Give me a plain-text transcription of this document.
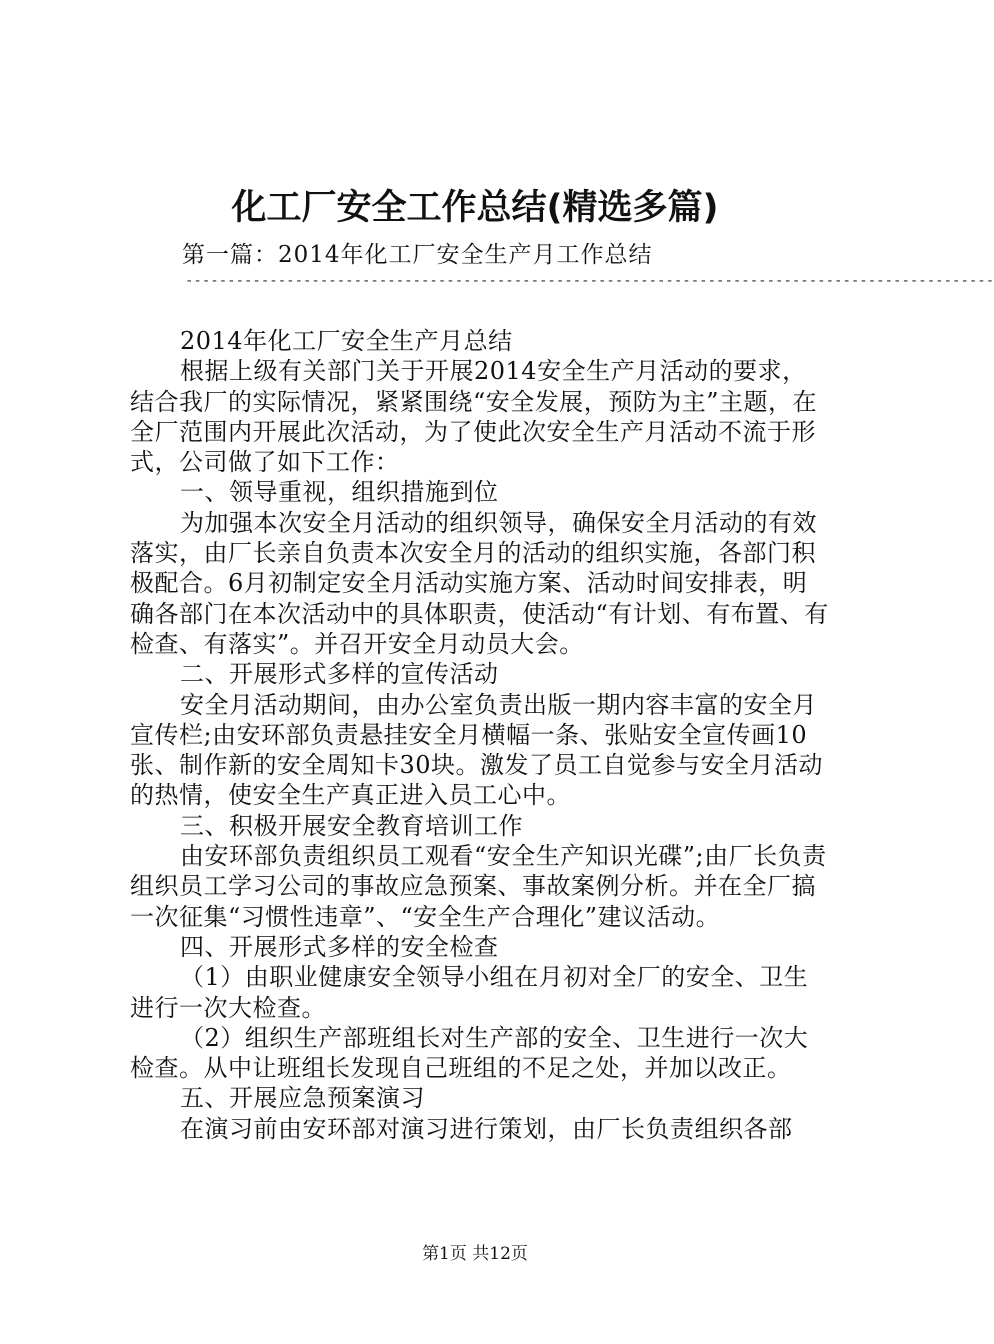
化工厂安全工作总结(精选多篇)
第一篇：2014年化工厂安全生产月工作总结
------------------------------------------------------------------------------------------------

2014年化工厂安全生产月总结

根据上级有关部门关于开展2014安全生产月活动的要求，结合我厂的实际情况，紧紧围绕“安全发展，预防为主”主题，在全厂范围内开展此次活动，为了使此次安全生产月活动不流于形式，公司做了如下工作：

一、领导重视，组织措施到位

为加强本次安全月活动的组织领导，确保安全月活动的有效落实，由厂长亲自负责本次安全月的活动的组织实施，各部门积极配合。6月初制定安全月活动实施方案、活动时间安排表，明确各部门在本次活动中的具体职责，使活动“有计划、有布置、有检查、有落实”。并召开安全月动员大会。

二、开展形式多样的宣传活动

安全月活动期间，由办公室负责出版一期内容丰富的安全月宣传栏;由安环部负责悬挂安全月横幅一条、张贴安全宣传画10张、制作新的安全周知卡30块。激发了员工自觉参与安全月活动的热情，使安全生产真正进入员工心中。

三、积极开展安全教育培训工作

由安环部负责组织员工观看“安全生产知识光碟”;由厂长负责组织员工学习公司的事故应急预案、事故案例分析。并在全厂搞一次征集“习惯性违章”、“安全生产合理化”建议活动。

四、开展形式多样的安全检查

（1）由职业健康安全领导小组在月初对全厂的安全、卫生进行一次大检查。

（2）组织生产部班组长对生产部的安全、卫生进行一次大检查。从中让班组长发现自己班组的不足之处，并加以改正。

五、开展应急预案演习

在演习前由安环部对演习进行策划，由厂长负责组织各部

第1页 共12页
